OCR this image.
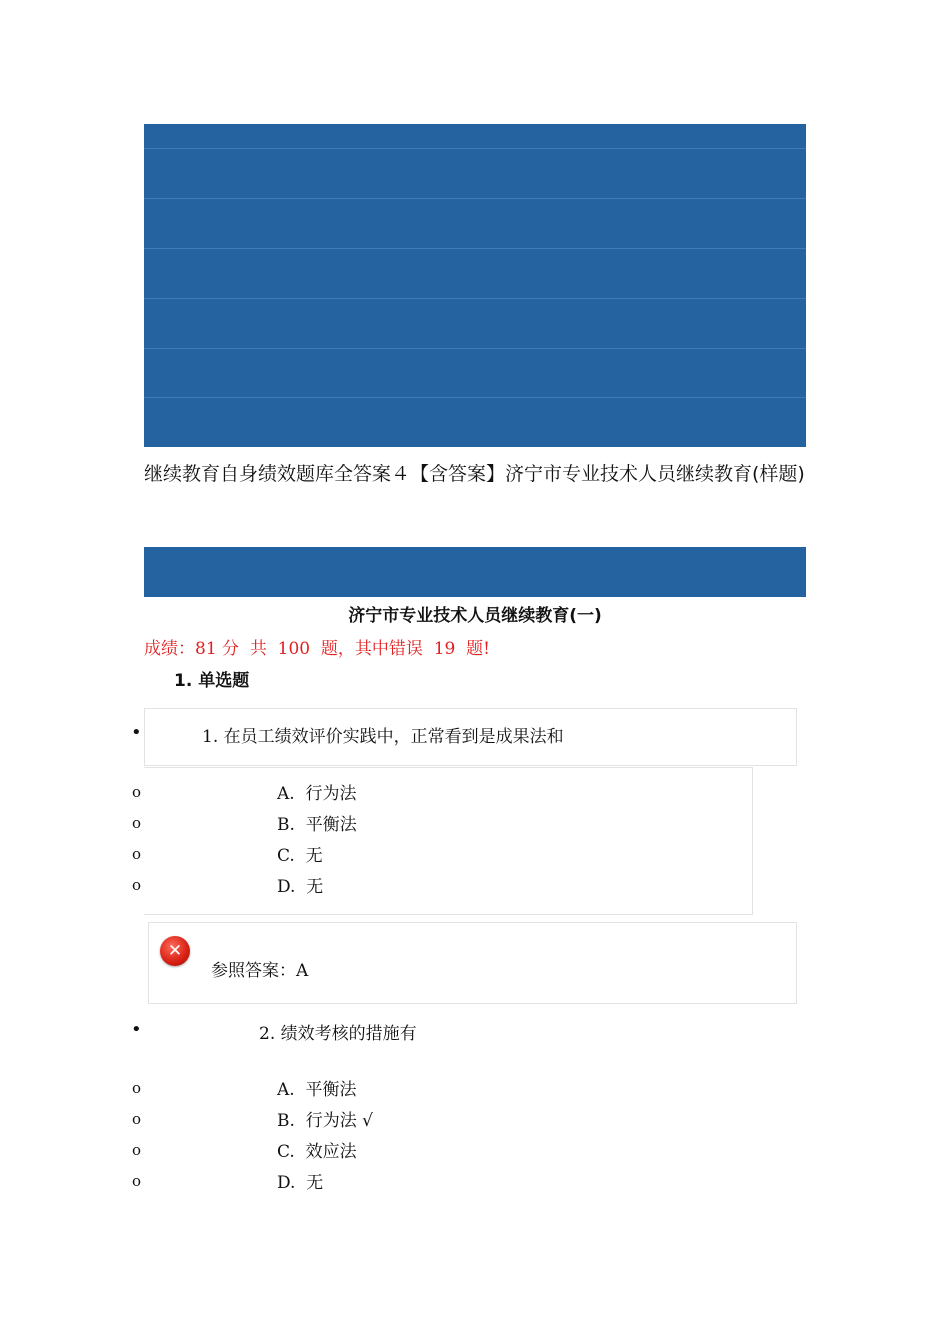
继续教育自身绩效题库全答案４【含答案】济宁市专业技术人员继续教育(样题)
济宁市专业技术人员继续教育(一)
成绩：81 分  共  100  题，其中错误  19  题!
1. 单选题
•	1. 在员工绩效评价实践中，正常看到是成果法和
o	A.  行为法
o	B.  平衡法
o	C.  无
o	D.  无
✕
参照答案：A
•	2. 绩效考核的措施有
o	A.  平衡法
o	B.  行为法 √
o	C.  效应法
o	D.  无
